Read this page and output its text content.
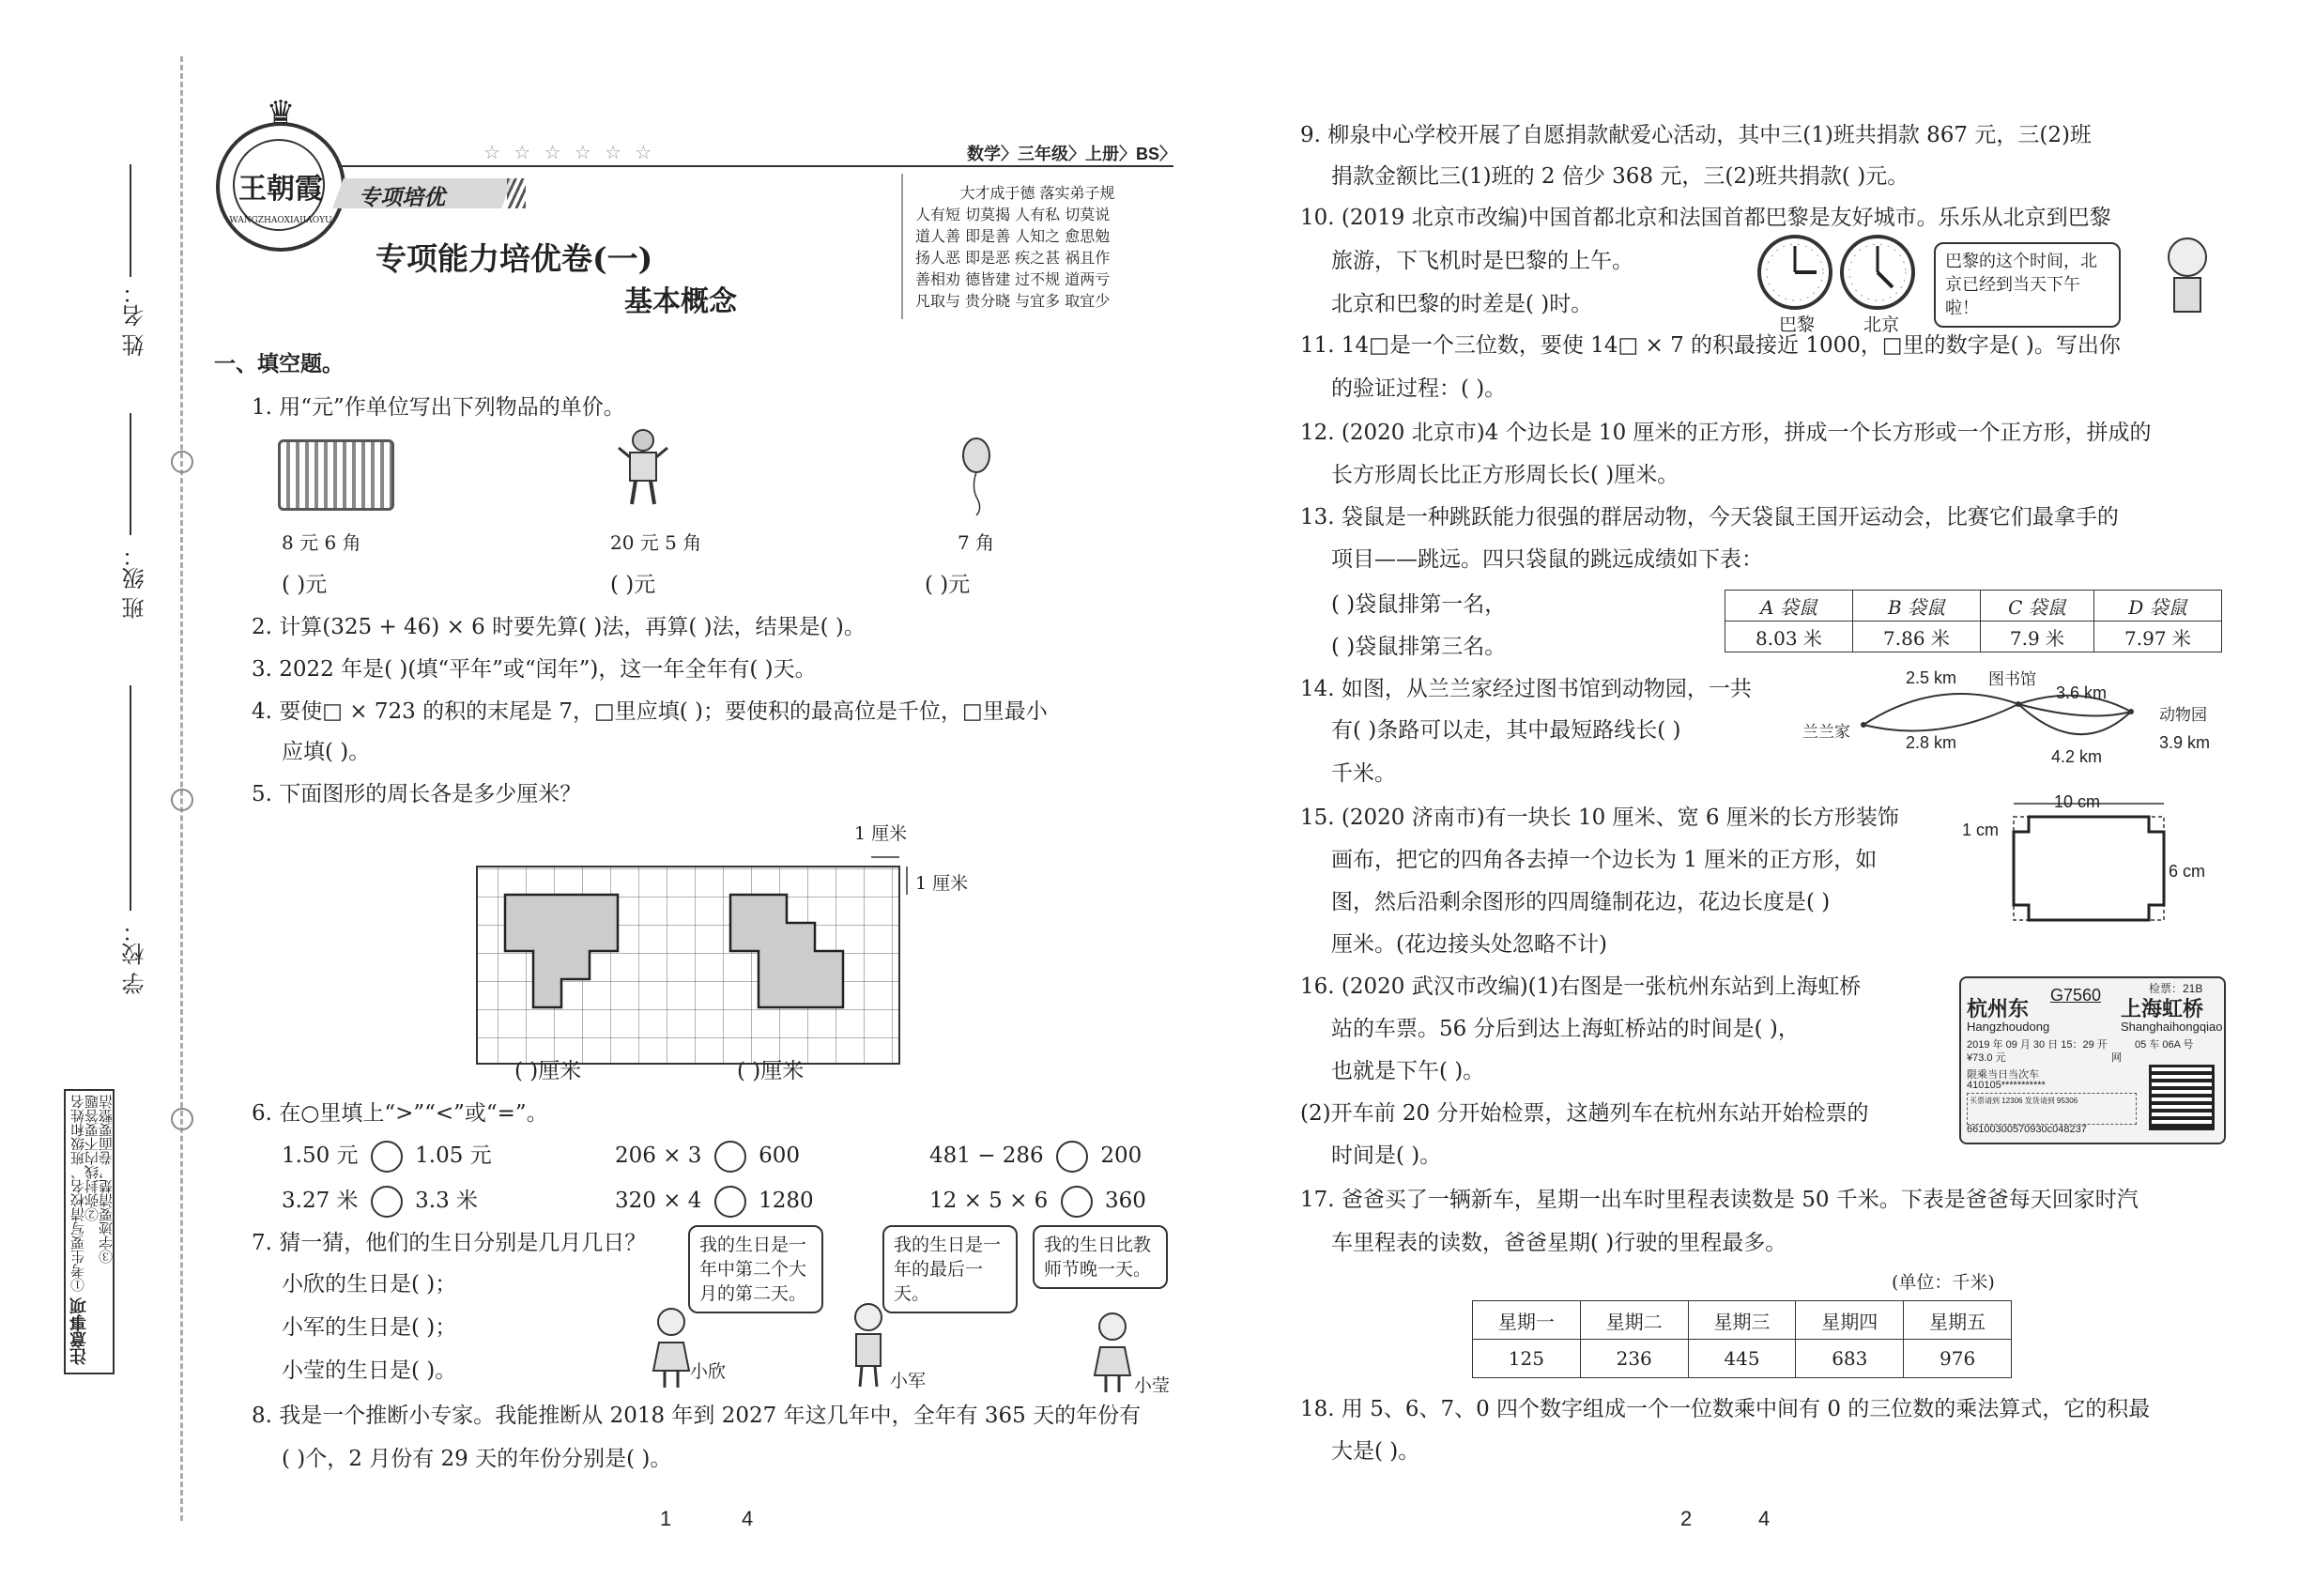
姓 名：
班 级：
学 校：
注意事项
①考生要写清校名、班级和姓名
②弥封线内不要答题
③字迹要清楚，卷面要整洁
王朝霞
WANGZHAOXIAJIAOYU
♛
☆ ☆ ☆ ☆ ☆ ☆	数学〉三年级〉上册〉BS〉
专项培优
专项能力培优卷(一)
基本概念
大才成于德 落实弟子规
人有短 切莫揭 人有私 切莫说
道人善 即是善 人知之 愈思勉
扬人恶 即是恶 疾之甚 祸且作
善相劝 德皆建 过不规 道两亏
凡取与 贵分晓 与宜多 取宜少
一、填空题。
1. 用“元”作单位写出下列物品的单价。
8 元 6 角	20 元 5 角	7 角
( )元	( )元	( )元
2. 计算(325 + 46) × 6 时要先算( )法，再算( )法，结果是( )。
3. 2022 年是( )(填“平年”或“闰年”)，这一年全年有( )天。
4. 要使□ × 723 的积的末尾是 7，□里应填( )；要使积的最高位是千位，□里最小
应填( )。
5. 下面图形的周长各是多少厘米？
1 厘米
1 厘米
( )厘米	( )厘米
6. 在○里填上“>”“<”或“=”。
1.50 元	1.05 元	206 × 3	600	481 − 286	200
3.27 米	3.3 米	320 × 4	1280	12 × 5 × 6	360
7. 猜一猜，他们的生日分别是几月几日？
小欣的生日是( )；
小军的生日是( )；
小莹的生日是( )。
我的生日是一年中第二个大月的第二天。
我的生日是一年的最后一天。
我的生日比教师节晚一天。
小欣	小军	小莹
8. 我是一个推断小专家。我能推断从 2018 年到 2027 年这几年中，全年有 365 天的年份有
( )个，2 月份有 29 天的年份分别是( )。
1	4
9. 柳泉中心学校开展了自愿捐款献爱心活动，其中三(1)班共捐款 867 元，三(2)班
捐款金额比三(1)班的 2 倍少 368 元，三(2)班共捐款( )元。
10. (2019 北京市改编)中国首都北京和法国首都巴黎是友好城市。乐乐从北京到巴黎
旅游，下飞机时是巴黎的上午。
北京和巴黎的时差是( )时。
巴黎	北京
巴黎的这个时间，北京已经到当天下午啦！
11. 14□是一个三位数，要使 14□ × 7 的积最接近 1000，□里的数字是( )。写出你
的验证过程：( )。
12. (2020 北京市)4 个边长是 10 厘米的正方形，拼成一个长方形或一个正方形，拼成的
长方形周长比正方形周长长( )厘米。
13. 袋鼠是一种跳跃能力很强的群居动物，今天袋鼠王国开运动会，比赛它们最拿手的
项目——跳远。四只袋鼠的跳远成绩如下表：
( )袋鼠排第一名，
( )袋鼠排第三名。
A 袋鼠	B 袋鼠	C 袋鼠	D 袋鼠
8.03 米	7.86 米	7.9 米	7.97 米
14. 如图，从兰兰家经过图书馆到动物园，一共
有( )条路可以走，其中最短路线长( )
千米。
2.5 km
2.8 km
3.6 km
3.9 km
4.2 km
图书馆
兰兰家
动物园
15. (2020 济南市)有一块长 10 厘米、宽 6 厘米的长方形装饰
画布，把它的四角各去掉一个边长为 1 厘米的正方形，如
图，然后沿剩余图形的四周缝制花边，花边长度是( )
厘米。(花边接头处忽略不计)
10 cm
6 cm
1 cm
16. (2020 武汉市改编)(1)右图是一张杭州东站到上海虹桥
站的车票。56 分后到达上海虹桥站的时间是( )，
也就是下午( )。
(2)开车前 20 分开始检票，这趟列车在杭州东站开始检票的
时间是( )。
检票：21B
杭州东
G7560
上海虹桥
Hangzhoudong	Shanghaihongqiao
2019 年 09 月 30 日 15：29 开	05 车 06A 号
¥73.0 元	网
限乘当日当次车
410105***********
买票请到 12306 发货请到 95306
66100300570930c048237
17. 爸爸买了一辆新车，星期一出车时里程表读数是 50 千米。下表是爸爸每天回家时汽
车里程表的读数，爸爸星期( )行驶的里程最多。
(单位：千米)
星期一	星期二	星期三	星期四	星期五
125	236	445	683	976
18. 用 5、6、7、0 四个数字组成一个一位数乘中间有 0 的三位数的乘法算式，它的积最
大是( )。
2	4
